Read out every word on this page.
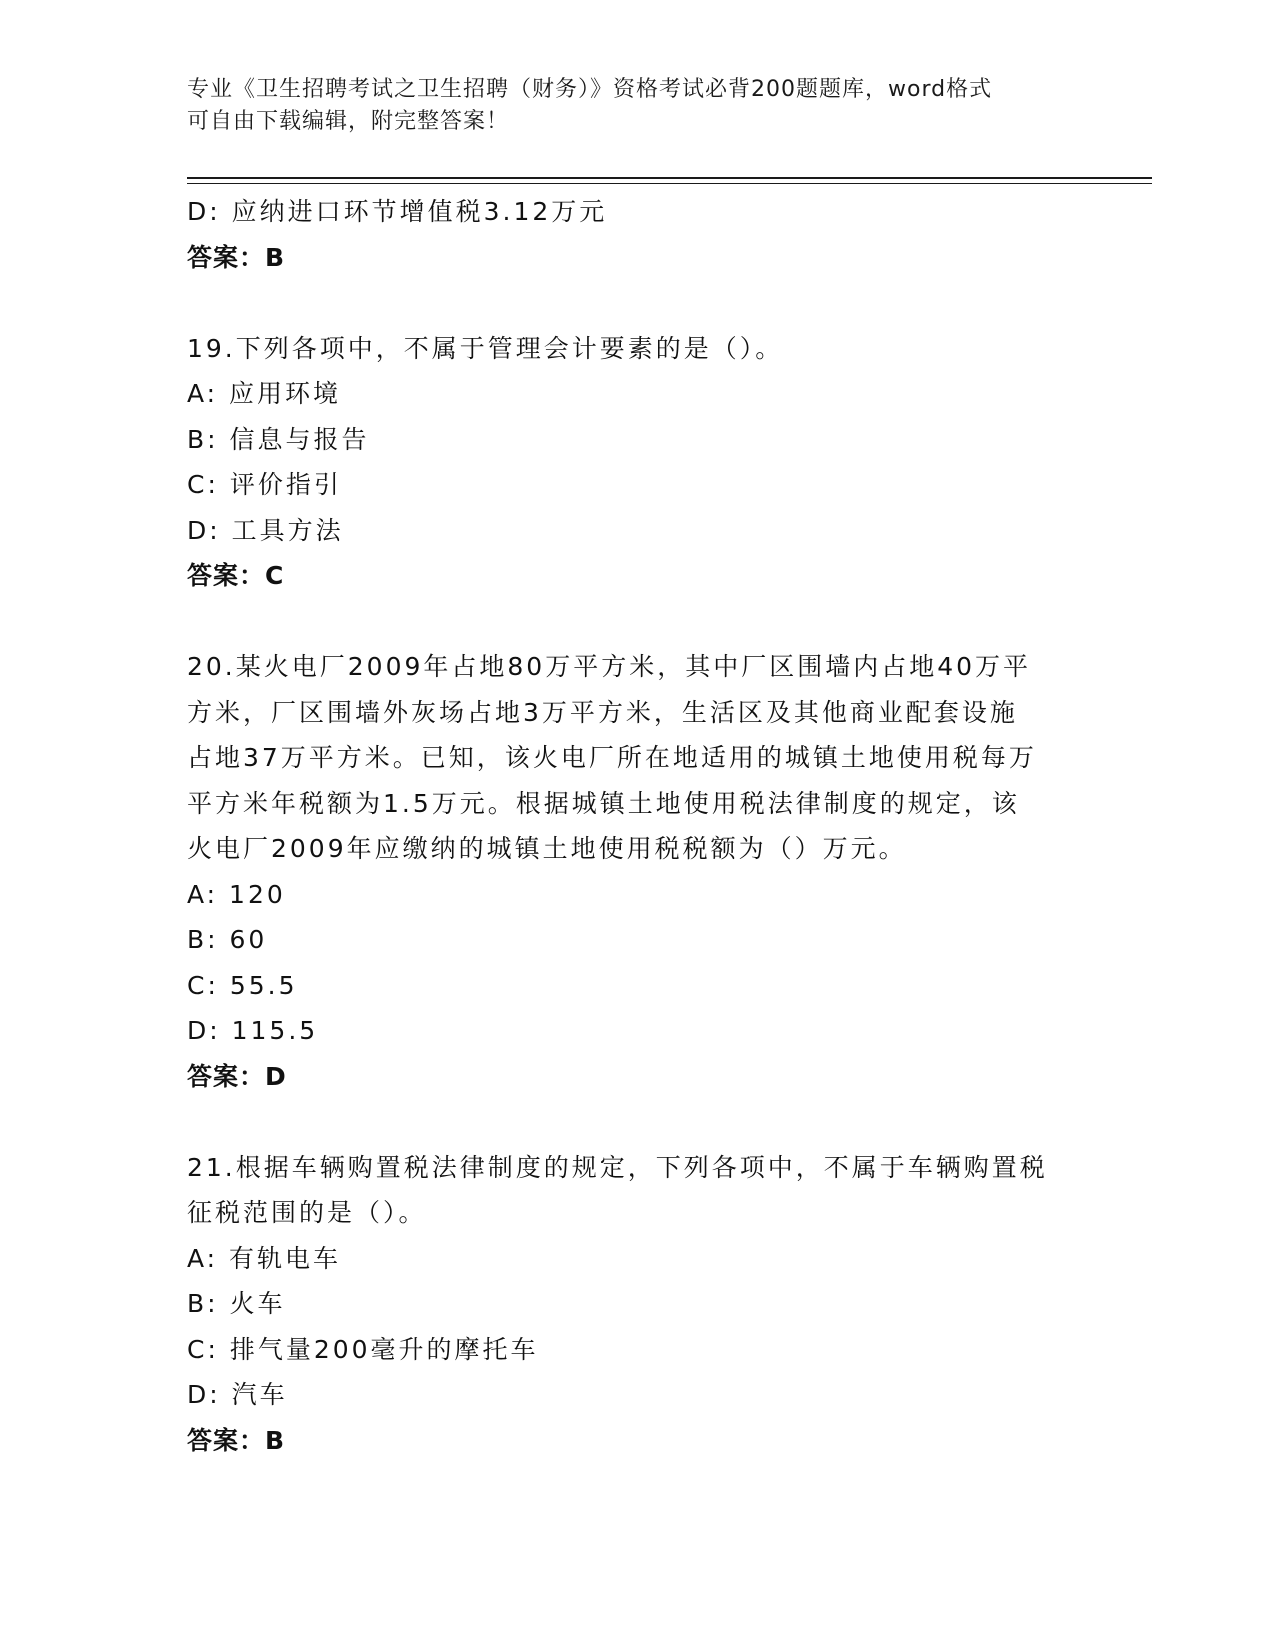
专业《卫生招聘考试之卫生招聘（财务）》资格考试必背200题题库，word格式
可自由下载编辑，附完整答案！
D: 应纳进口环节增值税3.12万元
答案：B
19.下列各项中，不属于管理会计要素的是（）。
A: 应用环境
B: 信息与报告
C: 评价指引
D: 工具方法
答案：C
20.某火电厂2009年占地80万平方米，其中厂区围墙内占地40万平
方米，厂区围墙外灰场占地3万平方米，生活区及其他商业配套设施
占地37万平方米。已知，该火电厂所在地适用的城镇土地使用税每万
平方米年税额为1.5万元。根据城镇土地使用税法律制度的规定，该
火电厂2009年应缴纳的城镇土地使用税税额为（）万元。
A: 120
B: 60
C: 55.5
D: 115.5
答案：D
21.根据车辆购置税法律制度的规定，下列各项中，不属于车辆购置税
征税范围的是（）。
A: 有轨电车
B: 火车
C: 排气量200毫升的摩托车
D: 汽车
答案：B
